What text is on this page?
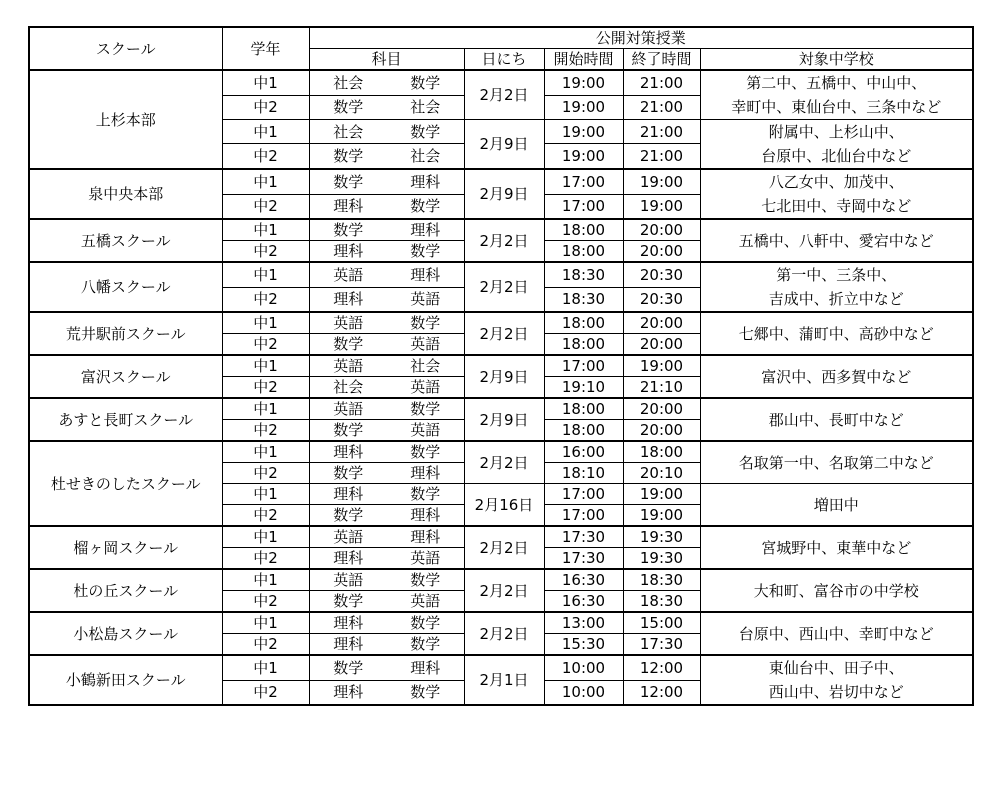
スクール	学年	公開対策授業					
		科目		日にち	開始時間	終了時間	対象中学校
上杉本部	中1	社会	数学	2月2日	19:00	21:00	第二中、五橋中、中山中、
幸町中、東仙台中、三条中など
	中2	数学	社会		19:00	21:00	
	中1	社会	数学	2月9日	19:00	21:00	附属中、上杉山中、
台原中、北仙台中など
	中2	数学	社会		19:00	21:00	
泉中央本部	中1	数学	理科	2月9日	17:00	19:00	八乙女中、加茂中、
七北田中、寺岡中など
	中2	理科	数学		17:00	19:00	
五橋スクール	中1	数学	理科	2月2日	18:00	20:00	五橋中、八軒中、愛宕中など
	中2	理科	数学		18:00	20:00	
八幡スクール	中1	英語	理科	2月2日	18:30	20:30	第一中、三条中、
吉成中、折立中など
	中2	理科	英語		18:30	20:30	
荒井駅前スクール	中1	英語	数学	2月2日	18:00	20:00	七郷中、蒲町中、高砂中など
	中2	数学	英語		18:00	20:00	
富沢スクール	中1	英語	社会	2月9日	17:00	19:00	富沢中、西多賀中など
	中2	社会	英語		19:10	21:10	
あすと長町スクール	中1	英語	数学	2月9日	18:00	20:00	郡山中、長町中など
	中2	数学	英語		18:00	20:00	
杜せきのしたスクール	中1	理科	数学	2月2日	16:00	18:00	名取第一中、名取第二中など
	中2	数学	理科		18:10	20:10	
	中1	理科	数学	2月16日	17:00	19:00	増田中
	中2	数学	理科		17:00	19:00	
榴ヶ岡スクール	中1	英語	理科	2月2日	17:30	19:30	宮城野中、東華中など
	中2	理科	英語		17:30	19:30	
杜の丘スクール	中1	英語	数学	2月2日	16:30	18:30	大和町、富谷市の中学校
	中2	数学	英語		16:30	18:30	
小松島スクール	中1	理科	数学	2月2日	13:00	15:00	台原中、西山中、幸町中など
	中2	理科	数学		15:30	17:30	
小鶴新田スクール	中1	数学	理科	2月1日	10:00	12:00	東仙台中、田子中、
西山中、岩切中など
	中2	理科	数学		10:00	12:00	
